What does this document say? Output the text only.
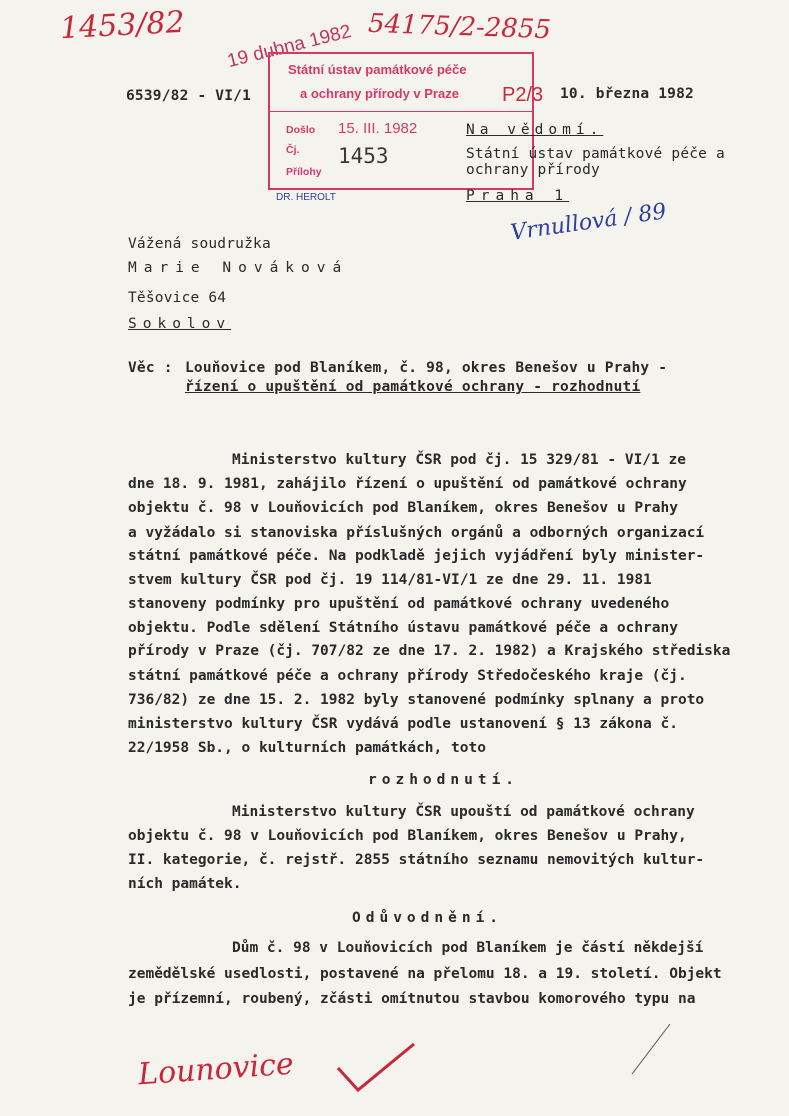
1453/82	54175/2-2855
19 dubna 1982
Státní ústav památkové péče
a ochrany přírody v Praze
Došlo 15. III. 1982
Čj. 1453
Přílohy
P2/3
DR. HEROLT
6539/82 - VI/1	10. března 1982
Na vědomí.
Státní ústav památkové péče a
ochrany přírody
Praha 1
Vrnullová / 89
Vážená soudružka
Marie Nováková
Těšovice 64
Sokolov
Věc : Louňovice pod Blaníkem, č. 98, okres Benešov u Prahy -
řízení o upuštění od památkové ochrany - rozhodnutí
Ministerstvo kultury ČSR pod čj. 15 329/81 - VI/1 ze
dne 18. 9. 1981, zahájilo řízení o upuštění od památkové ochrany
objektu č. 98 v Louňovicích pod Blaníkem, okres Benešov u Prahy
a vyžádalo si stanoviska příslušných orgánů a odborných organizací
státní památkové péče. Na podkladě jejich vyjádření byly minister-
stvem kultury ČSR pod čj. 19 114/81-VI/1 ze dne 29. 11. 1981
stanoveny podmínky pro upuštění od památkové ochrany uvedeného
objektu. Podle sdělení Státního ústavu památkové péče a ochrany
přírody v Praze (čj. 707/82 ze dne 17. 2. 1982) a Krajského střediska
státní památkové péče a ochrany přírody Středočeského kraje (čj.
736/82) ze dne 15. 2. 1982 byly stanovené podmínky splnany a proto
ministerstvo kultury ČSR vydává podle ustanovení § 13 zákona č.
22/1958 Sb., o kulturních památkách, toto
rozhodnutí.
Ministerstvo kultury ČSR upouští od památkové ochrany
objektu č. 98 v Louňovicích pod Blaníkem, okres Benešov u Prahy,
II. kategorie, č. rejstř. 2855 státního seznamu nemovitých kultur-
ních památek.
Odůvodnění.
Dům č. 98 v Louňovicích pod Blaníkem je částí někdejší
zemědělské usedlosti, postavené na přelomu 18. a 19. století. Objekt
je přízemní, roubený, zčásti omítnutou stavbou komorového typu na
Lounovice
